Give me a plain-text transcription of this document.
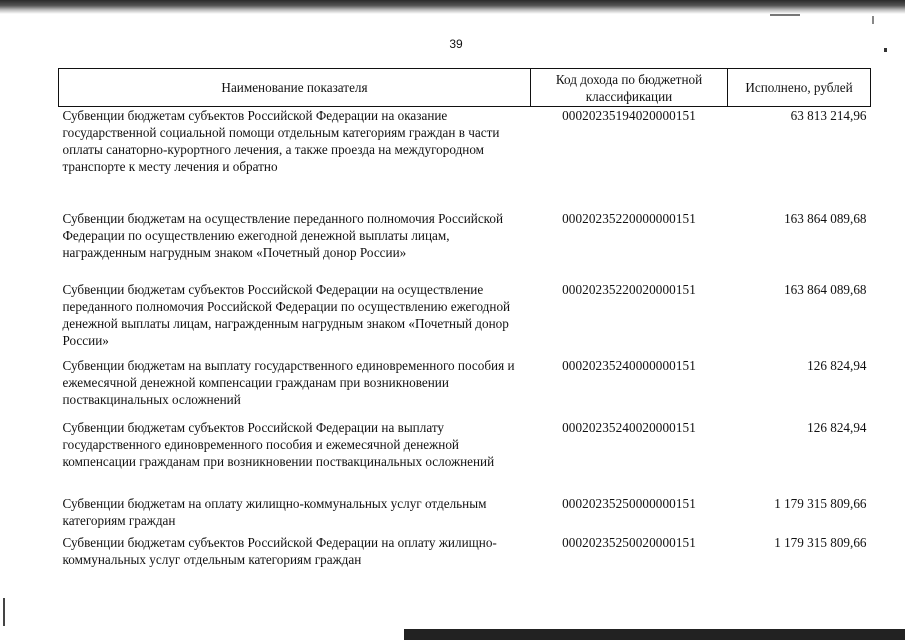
39
Наименование показателя	Код дохода по бюджетной классификации	Исполнено, рублей
Субвенции бюджетам субъектов Российской Федерации на оказание государственной социальной помощи отдельным категориям граждан в части оплаты санаторно-курортного лечения, а также проезда на междугородном транспорте к месту лечения и обратно	00020235194020000151	63 813 214,96
Субвенции бюджетам на осуществление переданного полномочия Российской Федерации по осуществлению ежегодной денежной выплаты лицам, награжденным нагрудным знаком «Почетный донор России»	00020235220000000151	163 864 089,68
Субвенции бюджетам субъектов Российской Федерации на осуществление переданного полномочия Российской Федерации по осуществлению ежегодной денежной выплаты лицам, награжденным нагрудным знаком «Почетный донор России»	00020235220020000151	163 864 089,68
Субвенции бюджетам на выплату государственного единовременного пособия и ежемесячной денежной компенсации гражданам при возникновении поствакцинальных осложнений	00020235240000000151	126 824,94
Субвенции бюджетам субъектов Российской Федерации на выплату государственного единовременного пособия и ежемесячной денежной компенсации гражданам при возникновении поствакцинальных осложнений	00020235240020000151	126 824,94
Субвенции бюджетам на оплату жилищно-коммунальных услуг отдельным категориям граждан	00020235250000000151	1 179 315 809,66
Субвенции бюджетам субъектов Российской Федерации на оплату жилищно-коммунальных услуг отдельным категориям граждан	00020235250020000151	1 179 315 809,66
